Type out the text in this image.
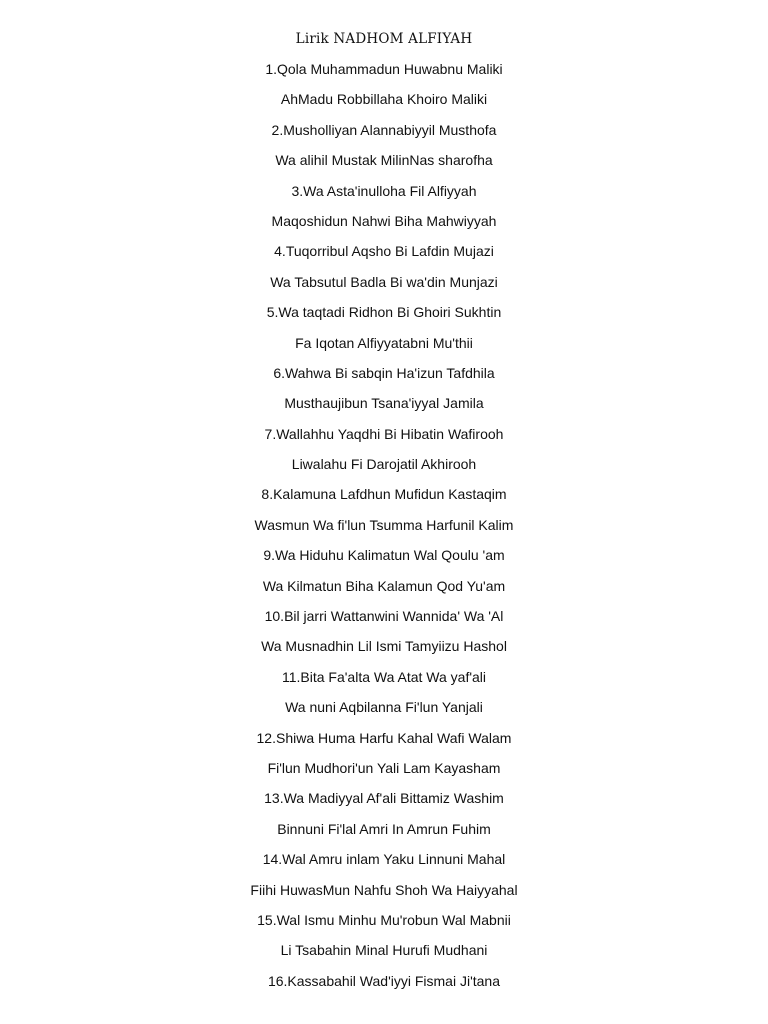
Lirik NADHOM ALFIYAH
1.Qola Muhammadun Huwabnu Maliki
AhMadu Robbillaha Khoiro Maliki
2.Musholliyan Alannabiyyil Musthofa
Wa alihil Mustak MilinNas sharofha
3.Wa Asta'inulloha Fil Alfiyyah
Maqoshidun Nahwi Biha Mahwiyyah
4.Tuqorribul Aqsho Bi Lafdin Mujazi
Wa Tabsutul Badla Bi wa'din Munjazi
5.Wa taqtadi Ridhon Bi Ghoiri Sukhtin
Fa Iqotan Alfiyyatabni Mu'thii
6.Wahwa Bi sabqin Ha'izun Tafdhila
Musthaujibun Tsana'iyyal Jamila
7.Wallahhu Yaqdhi Bi Hibatin Wafirooh
Liwalahu Fi Darojatil Akhirooh
8.Kalamuna Lafdhun Mufidun Kastaqim
Wasmun Wa fi'lun Tsumma Harfunil Kalim
9.Wa Hiduhu Kalimatun Wal Qoulu 'am
Wa Kilmatun Biha Kalamun Qod Yu'am
10.Bil jarri Wattanwini Wannida' Wa 'Al
Wa Musnadhin Lil Ismi Tamyiizu Hashol
11.Bita Fa'alta Wa Atat Wa yaf'ali
Wa nuni Aqbilanna Fi'lun Yanjali
12.Shiwa Huma Harfu Kahal Wafi Walam
Fi'lun Mudhori'un Yali Lam Kayasham
13.Wa Madiyyal Af'ali Bittamiz Washim
Binnuni Fi'lal Amri In Amrun Fuhim
14.Wal Amru inlam Yaku Linnuni Mahal
Fiihi HuwasMun Nahfu Shoh Wa Haiyyahal
15.Wal Ismu Minhu Mu'robun Wal Mabnii
Li Tsabahin Minal Hurufi Mudhani
16.Kassabahil Wad'iyyi Fismai Ji'tana
